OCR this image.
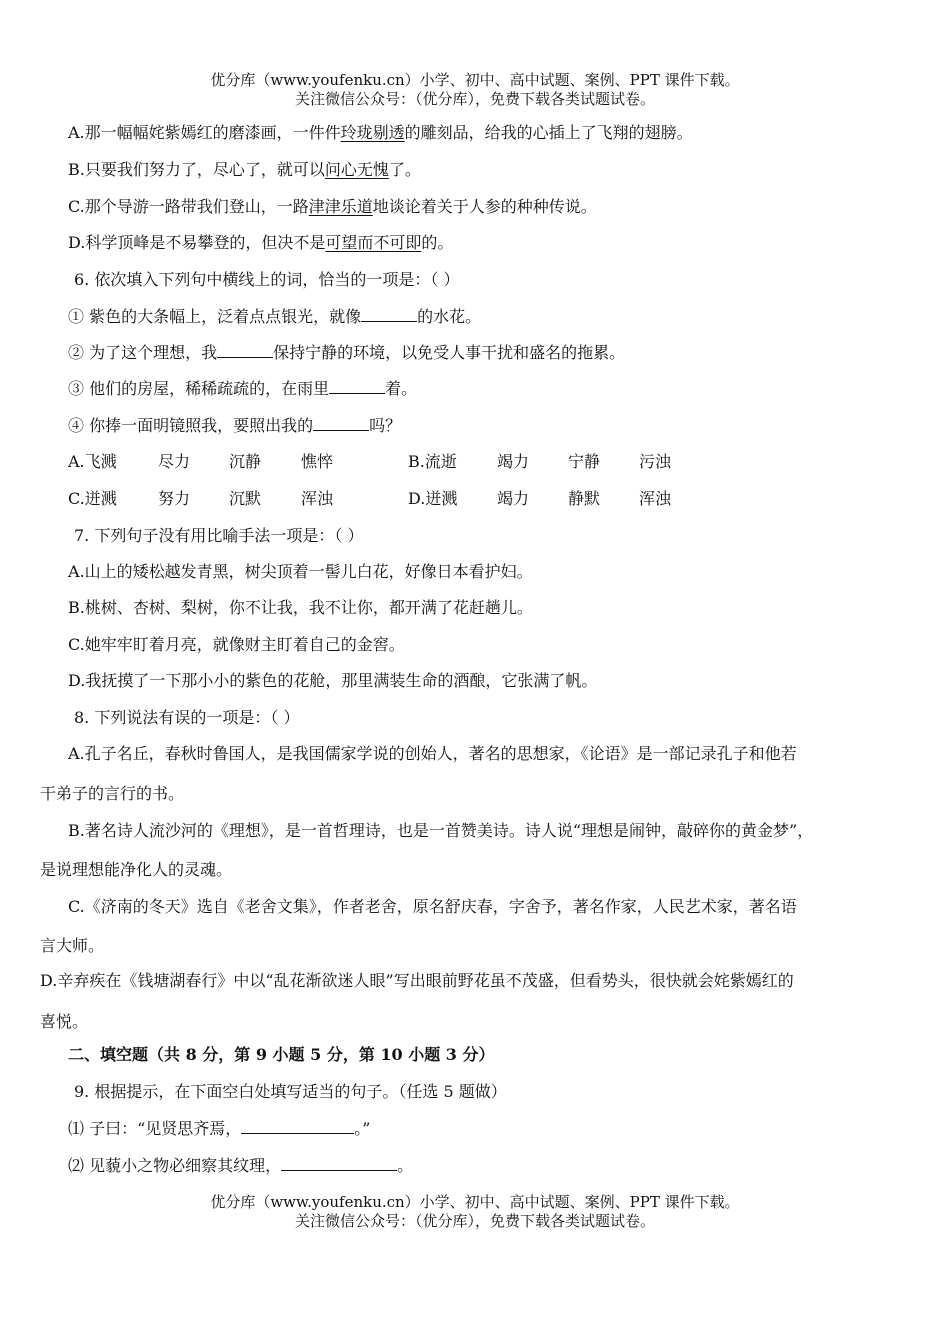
优分库（www.youfenku.cn）小学、初中、高中试题、案例、PPT 课件下载。
关注微信公众号：（优分库），免费下载各类试题试卷。
A.那一幅幅姹紫嫣红的磨漆画，一件件玲珑剔透的雕刻品，给我的心插上了飞翔的翅膀。
B.只要我们努力了，尽心了，就可以问心无愧了。
C.那个导游一路带我们登山，一路津津乐道地谈论着关于人参的种种传说。
D.科学顶峰是不易攀登的，但决不是可望而不可即的。
6. 依次填入下列句中横线上的词，恰当的一项是：（ ）
① 紫色的大条幅上，泛着点点银光，就像	的水花。
② 为了这个理想，我	保持宁静的环境，以免受人事干扰和盛名的拖累。
③ 他们的房屋，稀稀疏疏的，在雨里	着。
④ 你捧一面明镜照我，要照出我的	吗？
A.飞溅	尽力 沉静 憔悴	B.流逝	竭力 宁静 污浊
C.迸溅	努力 沉默 浑浊	D.迸溅 竭力 静默 浑浊
7. 下列句子没有用比喻手法一项是：（ ）
A.山上的矮松越发青黑，树尖顶着一髻儿白花，好像日本看护妇。
B.桃树、杏树、梨树，你不让我，我不让你，都开满了花赶趟儿。
C.她牢牢盯着月亮，就像财主盯着自己的金窖。
D.我抚摸了一下那小小的紫色的花舱，那里满装生命的酒酿，它张满了帆。
8. 下列说法有误的一项是：（ ）
A.孔子名丘，春秋时鲁国人，是我国儒家学说的创始人，著名的思想家，《论语》是一部记录孔子和他若
干弟子的言行的书。
B.著名诗人流沙河的《理想》，是一首哲理诗，也是一首赞美诗。诗人说“理想是闹钟，敲碎你的黄金梦”，
是说理想能净化人的灵魂。
C.《济南的冬天》选自《老舍文集》，作者老舍，原名舒庆春，字舍予，著名作家，人民艺术家，著名语
言大师。
D.辛弃疾在《钱塘湖春行》中以“乱花渐欲迷人眼”写出眼前野花虽不茂盛，但看势头，很快就会姹紫嫣红的
喜悦。
二、填空题（共 8 分，第 9 小题 5 分，第 10 小题 3 分）
9. 根据提示，在下面空白处填写适当的句子。（任选 5 题做）
⑴ 子曰：“见贤思齐焉，	。”
⑵ 见藐小之物必细察其纹理，	。
优分库（www.youfenku.cn）小学、初中、高中试题、案例、PPT 课件下载。
关注微信公众号：（优分库），免费下载各类试题试卷。
